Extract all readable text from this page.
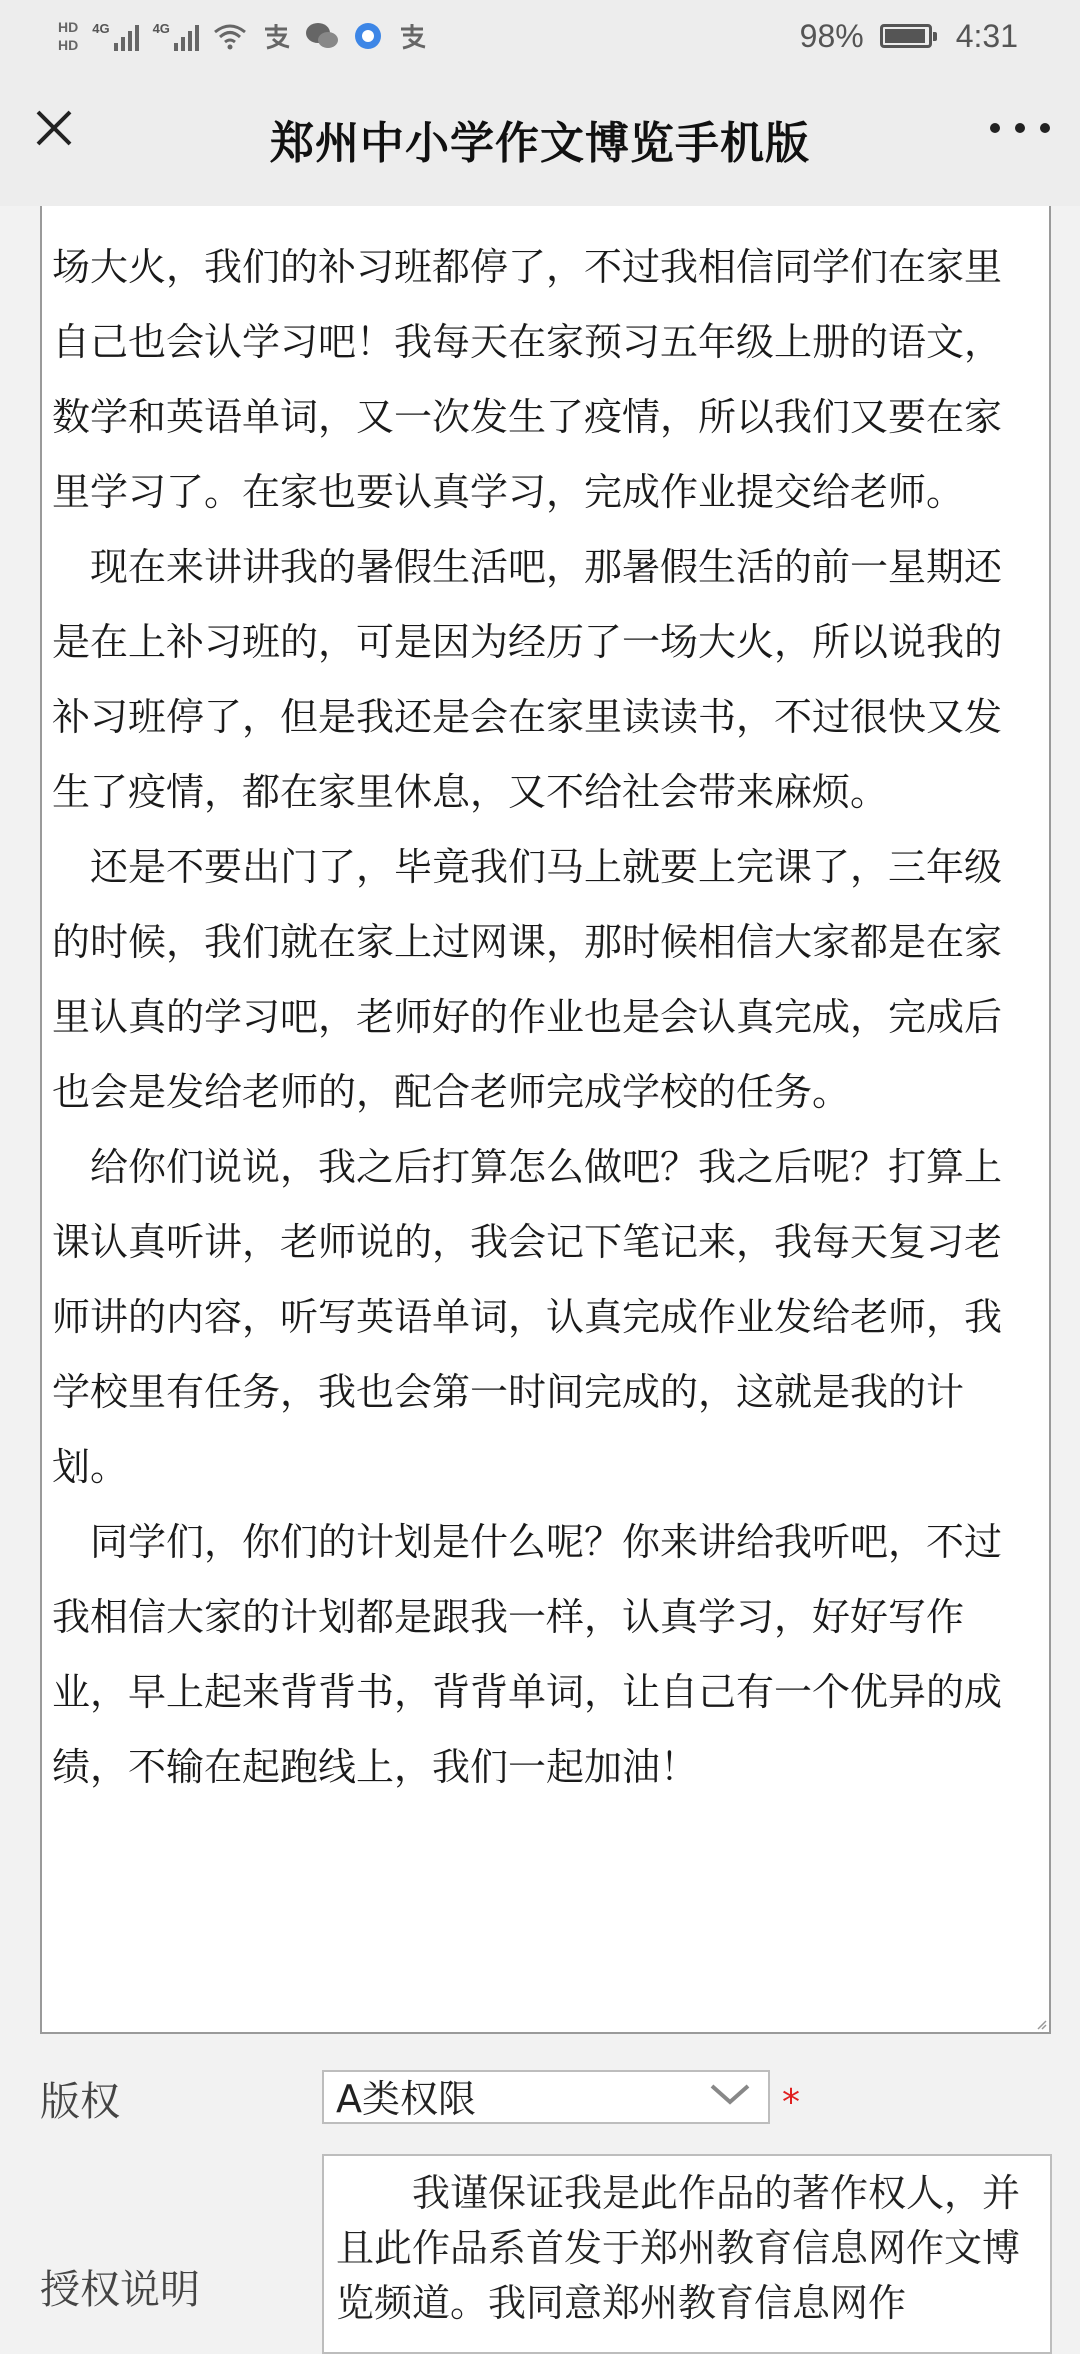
HD
HD
4G	4G	98%	4:31
郑州中小学作文博览手机版

场大火，我们的补习班都停了，不过我相信同学们在家里自己也会认学习吧！我每天在家预习五年级上册的语文，数学和英语单词，又一次发生了疫情，所以我们又要在家里学习了。在家也要认真学习，完成作业提交给老师。

　现在来讲讲我的暑假生活吧，那暑假生活的前一星期还是在上补习班的，可是因为经历了一场大火，所以说我的补习班停了，但是我还是会在家里读读书，不过很快又发生了疫情，都在家里休息，又不给社会带来麻烦。

　还是不要出门了，毕竟我们马上就要上完课了，三年级的时候，我们就在家上过网课，那时候相信大家都是在家里认真的学习吧，老师好的作业也是会认真完成，完成后也会是发给老师的，配合老师完成学校的任务。

　给你们说说，我之后打算怎么做吧？我之后呢？打算上课认真听讲，老师说的，我会记下笔记来，我每天复习老师讲的内容，听写英语单词，认真完成作业发给老师，我学校里有任务，我也会第一时间完成的，这就是我的计划。

　同学们，你们的计划是什么呢？你来讲给我听吧，不过我相信大家的计划都是跟我一样，认真学习，好好写作业，早上起来背背书，背背单词，让自己有一个优异的成绩，不输在起跑线上，我们一起加油！

版权	A类权限	*
授权说明

我谨保证我是此作品的著作权人，并且此作品系首发于郑州教育信息网作文博览频道。我同意郑州教育信息网作
